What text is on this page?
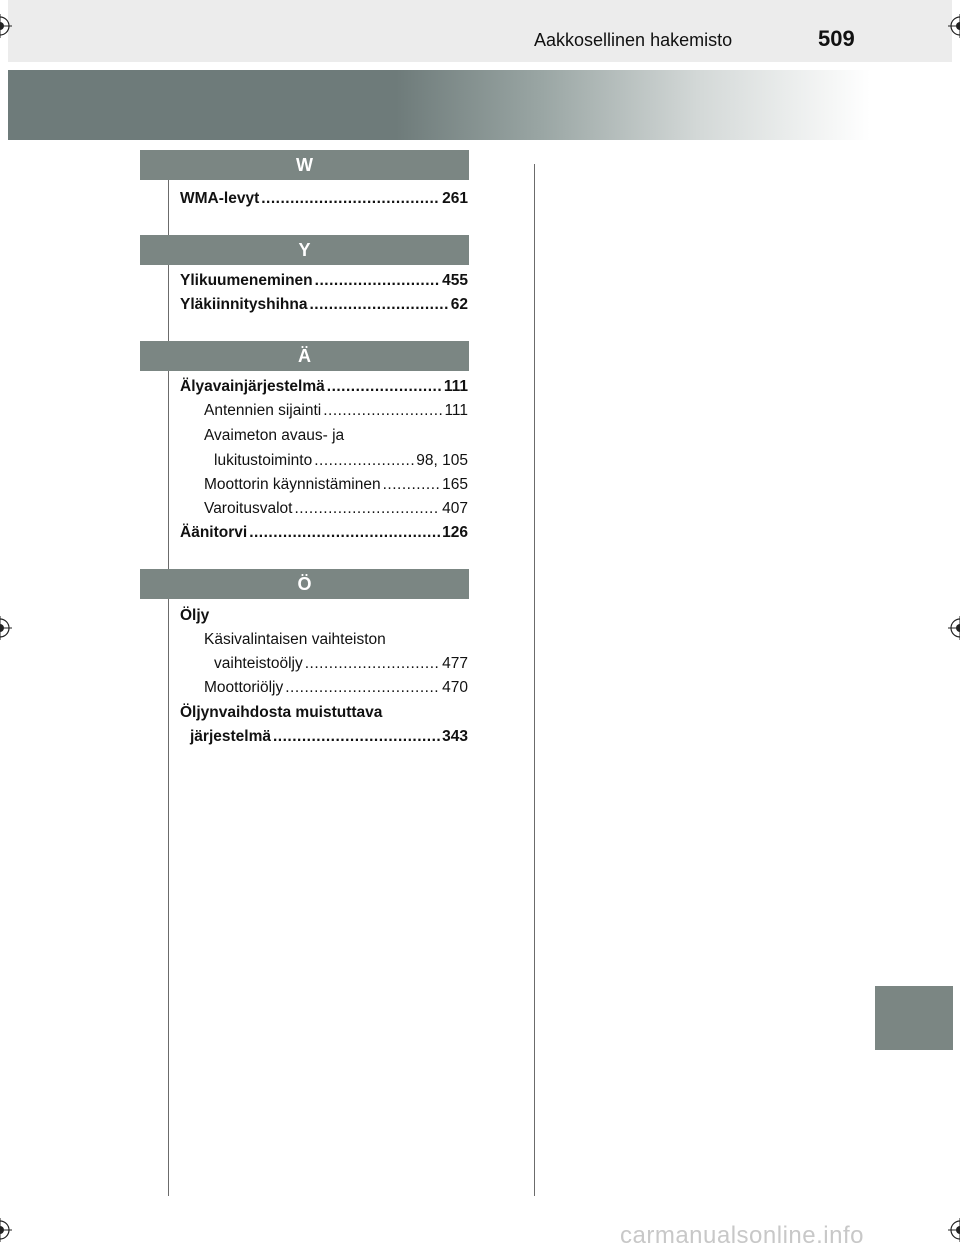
Aakkosellinen hakemisto	509
W
WMA-levyt .....	261
Y
Ylikuumeneminen .....	455
Yläkiinnityshihna .....	62
Ä
Älyavainjärjestelmä .....	111
Antennien sijainti .....	111
Avaimeton avaus- ja
lukitustoiminto .....	98, 105
Moottorin käynnistäminen .....	165
Varoitusvalot .....	407
Äänitorvi .....	126
Ö
Öljy
Käsivalintaisen vaihteiston
vaihteistoöljy .....	477
Moottoriöljy .....	470
Öljynvaihdosta muistuttava
järjestelmä .....	343
carmanualsonline.info
